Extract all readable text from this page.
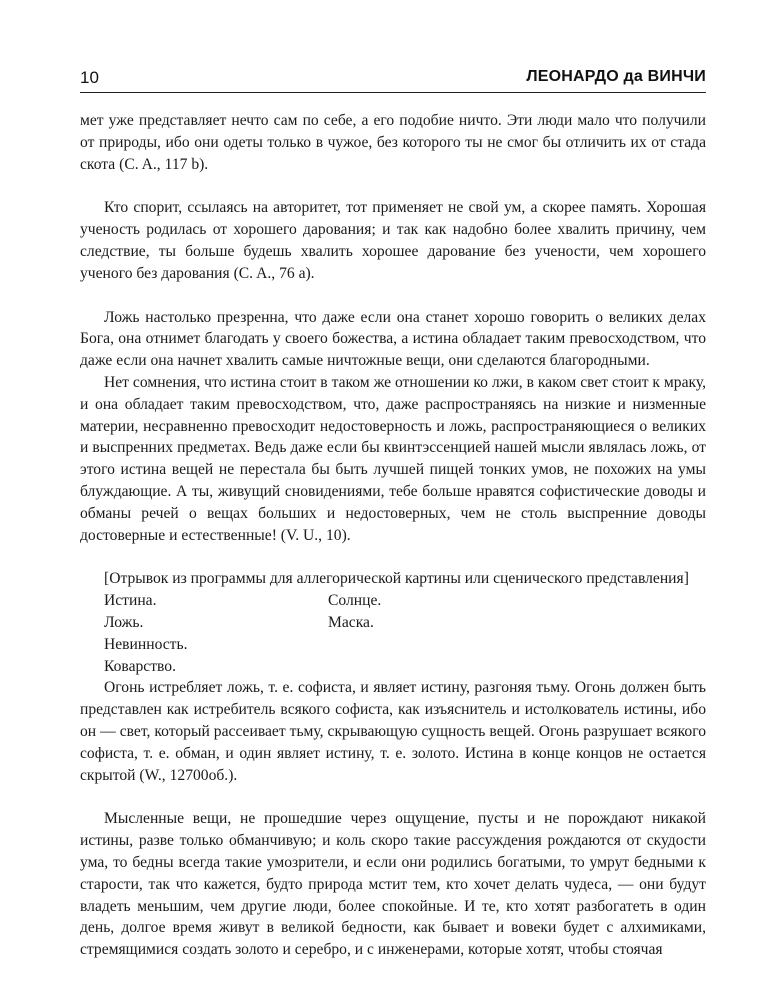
10	ЛЕОНАРДО да ВИНЧИ

мет уже представляет нечто сам по себе, а его подобие ничто. Эти люди мало что получили от природы, ибо они одеты только в чужое, без которого ты не смог бы отличить их от стада скота (C. A., 117 b).

Кто спорит, ссылаясь на авторитет, тот применяет не свой ум, а скорее память. Хорошая ученость родилась от хорошего дарования; и так как надобно более хвалить причину, чем следствие, ты больше будешь хвалить хорошее дарование без учености, чем хорошего ученого без дарования (C. A., 76 a).

Ложь настолько презренна, что даже если она станет хорошо говорить о великих делах Бога, она отнимет благодать у своего божества, а истина обладает таким превосходством, что даже если она начнет хвалить самые ничтожные вещи, они сделаются благородными.

Нет сомнения, что истина стоит в таком же отношении ко лжи, в каком свет стоит к мраку, и она обладает таким превосходством, что, даже распространяясь на низкие и низменные материи, несравненно превосходит недостоверность и ложь, распространяющиеся о великих и выспренних предметах. Ведь даже если бы квинтэссенцией нашей мысли являлась ложь, от этого истина вещей не перестала бы быть лучшей пищей тонких умов, не похожих на умы блуждающие. А ты, живущий сновидениями, тебе больше нравятся софистические доводы и обманы речей о вещах больших и недостоверных, чем не столь выспренние доводы достоверные и естественные! (V. U., 10).

[Отрывок из программы для аллегорической картины или сценического представления]

Истина.	Солнце.
Ложь.	Маска.
Невинность.
Коварство.

Огонь истребляет ложь, т. е. софиста, и являет истину, разгоняя тьму. Огонь должен быть представлен как истребитель всякого софиста, как изъяснитель и истолкователь истины, ибо он — свет, который рассеивает тьму, скрывающую сущность вещей. Огонь разрушает всякого софиста, т. е. обман, и один являет истину, т. е. золото. Истина в конце концов не остается скрытой (W., 12700об.).

Мысленные вещи, не прошедшие через ощущение, пусты и не порождают никакой истины, разве только обманчивую; и коль скоро такие рассуждения рождаются от скудости ума, то бедны всегда такие умозрители, и если они родились богатыми, то умрут бедными к старости, так что кажется, будто природа мстит тем, кто хочет делать чудеса, — они будут владеть меньшим, чем другие люди, более спокойные. И те, кто хотят разбогатеть в один день, долгое время живут в великой бедности, как бывает и вовеки будет с алхимиками, стремящимися создать золото и серебро, и с инженерами, которые хотят, чтобы стоячая
